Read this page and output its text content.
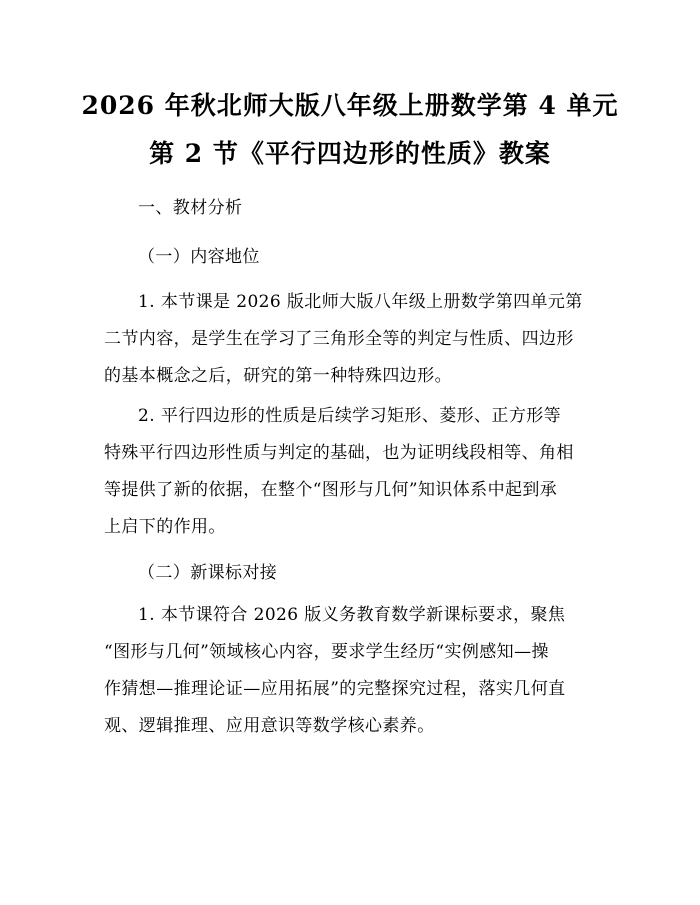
2026 年秋北师大版八年级上册数学第 4 单元
第 2 节《平行四边形的性质》教案
一、教材分析
（一）内容地位
1. 本节课是 2026 版北师大版八年级上册数学第四单元第
二节内容，是学生在学习了三角形全等的判定与性质、四边形
的基本概念之后，研究的第一种特殊四边形。
2. 平行四边形的性质是后续学习矩形、菱形、正方形等
特殊平行四边形性质与判定的基础，也为证明线段相等、角相
等提供了新的依据，在整个“图形与几何”知识体系中起到承
上启下的作用。
（二）新课标对接
1. 本节课符合 2026 版义务教育数学新课标要求，聚焦
“图形与几何”领域核心内容，要求学生经历“实例感知—操
作猜想—推理论证—应用拓展”的完整探究过程，落实几何直
观、逻辑推理、应用意识等数学核心素养。
